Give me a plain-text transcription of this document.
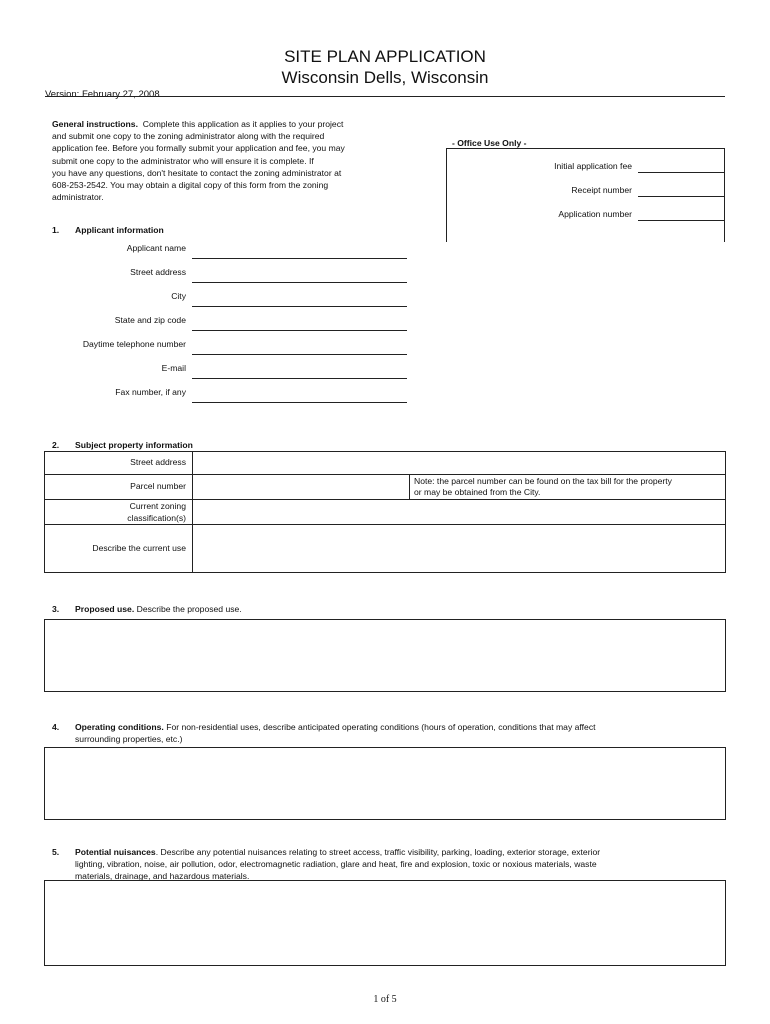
SITE PLAN APPLICATION
Wisconsin Dells, Wisconsin
Version: February 27, 2008
General instructions. Complete this application as it applies to your project
and submit one copy to the zoning administrator along with the required
application fee. Before you formally submit your application and fee, you may
submit one copy to the administrator who will ensure it is complete. If
you have any questions, don't hesitate to contact the zoning administrator at
608-253-2542. You may obtain a digital copy of this form from the zoning
administrator.
- Office Use Only -
Initial application fee
Receipt number
Application number
1. Applicant information
Applicant name
Street address
City
State and zip code
Daytime telephone number
E-mail
Fax number, if any
2. Subject property information
Street address
Parcel number	Note: the parcel number can be found on the tax bill for the property
or may be obtained from the City.
Current zoning
classification(s)
Describe the current use
3. Proposed use. Describe the proposed use.
4. Operating conditions. For non-residential uses, describe anticipated operating conditions (hours of operation, conditions that may affect
surrounding properties, etc.)
5. Potential nuisances. Describe any potential nuisances relating to street access, traffic visibility, parking, loading, exterior storage, exterior
lighting, vibration, noise, air pollution, odor, electromagnetic radiation, glare and heat, fire and explosion, toxic or noxious materials, waste
materials, drainage, and hazardous materials.
1 of 5
